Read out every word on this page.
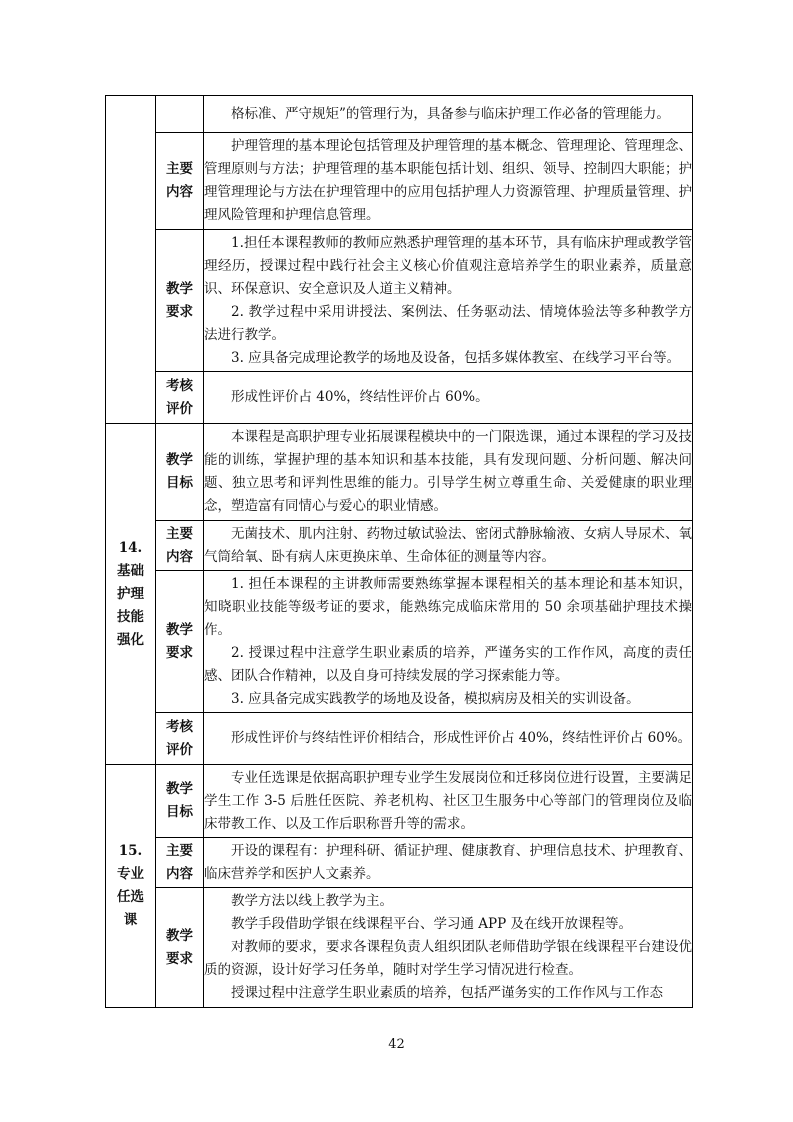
		格标准、严守规矩”的管理行为，具备参与临床护理工作必备的管理能力。

	主要内容	护理管理的基本理论包括管理及护理管理的基本概念、管理理论、管理理念、管理原则与方法；护理管理的基本职能包括计划、组织、领导、控制四大职能；护理管理理论与方法在护理管理中的应用包括护理人力资源管理、护理质量管理、护理风险管理和护理信息管理。

	教学要求	1.担任本课程教师的教师应熟悉护理管理的基本环节，具有临床护理或教学管理经历，授课过程中践行社会主义核心价值观注意培养学生的职业素养，质量意识、环保意识、安全意识及人道主义精神。

2. 教学过程中采用讲授法、案例法、任务驱动法、情境体验法等多种教学方法进行教学。

3. 应具备完成理论教学的场地及设备，包括多媒体教室、在线学习平台等。

	考核评价	形成性评价占 40%，终结性评价占 60%。

14. 基础护理技能强化	教学目标	本课程是高职护理专业拓展课程模块中的一门限选课，通过本课程的学习及技能的训练，掌握护理的基本知识和基本技能，具有发现问题、分析问题、解决问题、独立思考和评判性思维的能力。引导学生树立尊重生命、关爱健康的职业理念，塑造富有同情心与爱心的职业情感。

	主要内容	无菌技术、肌内注射、药物过敏试验法、密闭式静脉输液、女病人导尿术、氧气筒给氧、卧有病人床更换床单、生命体征的测量等内容。

	教学要求	1. 担任本课程的主讲教师需要熟练掌握本课程相关的基本理论和基本知识，知晓职业技能等级考证的要求，能熟练完成临床常用的 50 余项基础护理技术操作。

2. 授课过程中注意学生职业素质的培养，严谨务实的工作作风，高度的责任感、团队合作精神，以及自身可持续发展的学习探索能力等。

3. 应具备完成实践教学的场地及设备，模拟病房及相关的实训设备。

	考核评价	形成性评价与终结性评价相结合，形成性评价占 40%，终结性评价占 60%。

15. 专业任选课	教学目标	专业任选课是依据高职护理专业学生发展岗位和迁移岗位进行设置，主要满足学生工作 3-5 后胜任医院、养老机构、社区卫生服务中心等部门的管理岗位及临床带教工作、以及工作后职称晋升等的需求。

	主要内容	开设的课程有：护理科研、循证护理、健康教育、护理信息技术、护理教育、临床营养学和医护人文素养。

	教学要求	教学方法以线上教学为主。

教学手段借助学银在线课程平台、学习通 APP 及在线开放课程等。

对教师的要求，要求各课程负责人组织团队老师借助学银在线课程平台建设优质的资源，设计好学习任务单，随时对学生学习情况进行检查。

授课过程中注意学生职业素质的培养，包括严谨务实的工作作风与工作态

42
